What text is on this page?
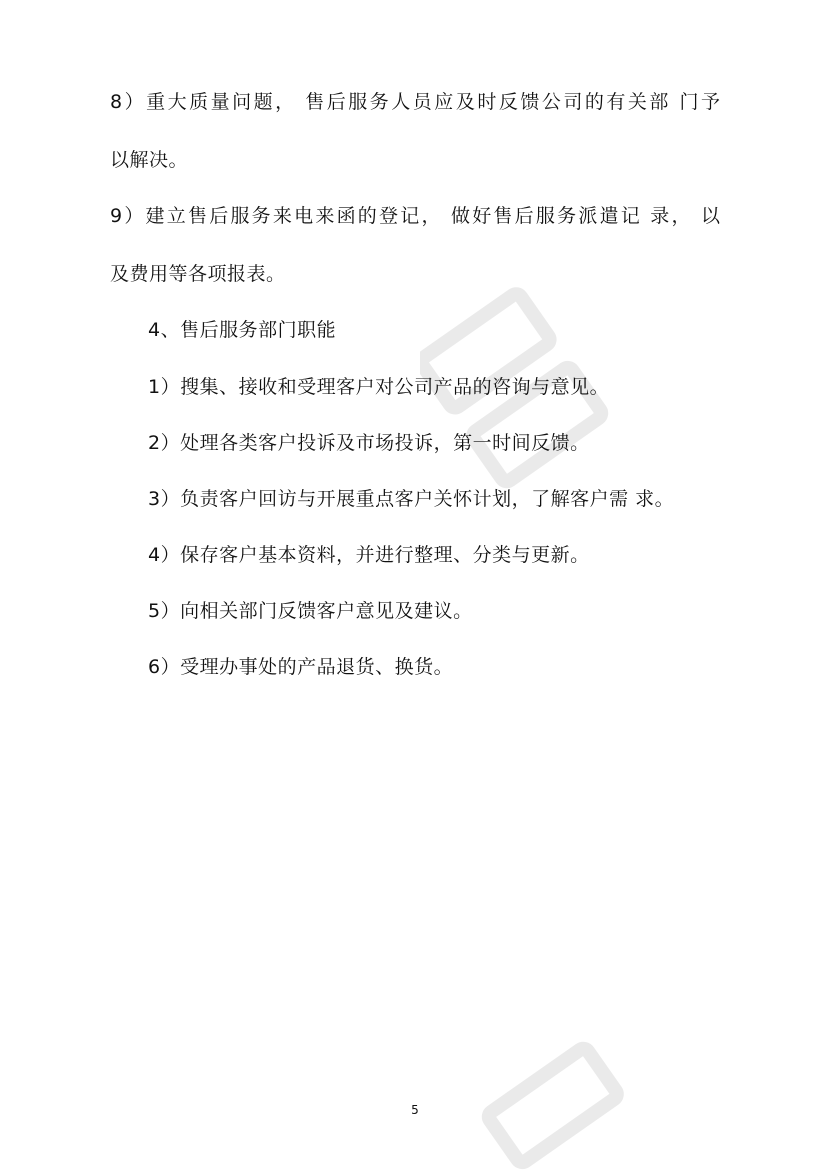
8）重大质量问题， 售后服务人员应及时反馈公司的有关部 门予
以解决。
9）建立售后服务来电来函的登记， 做好售后服务派遣记 录， 以
及费用等各项报表。
4、售后服务部门职能
1）搜集、接收和受理客户对公司产品的咨询与意见。
2）处理各类客户投诉及市场投诉，第一时间反馈。
3）负责客户回访与开展重点客户关怀计划，了解客户需 求。
4）保存客户基本资料，并进行整理、分类与更新。
5）向相关部门反馈客户意见及建议。
6）受理办事处的产品退货、换货。
5
